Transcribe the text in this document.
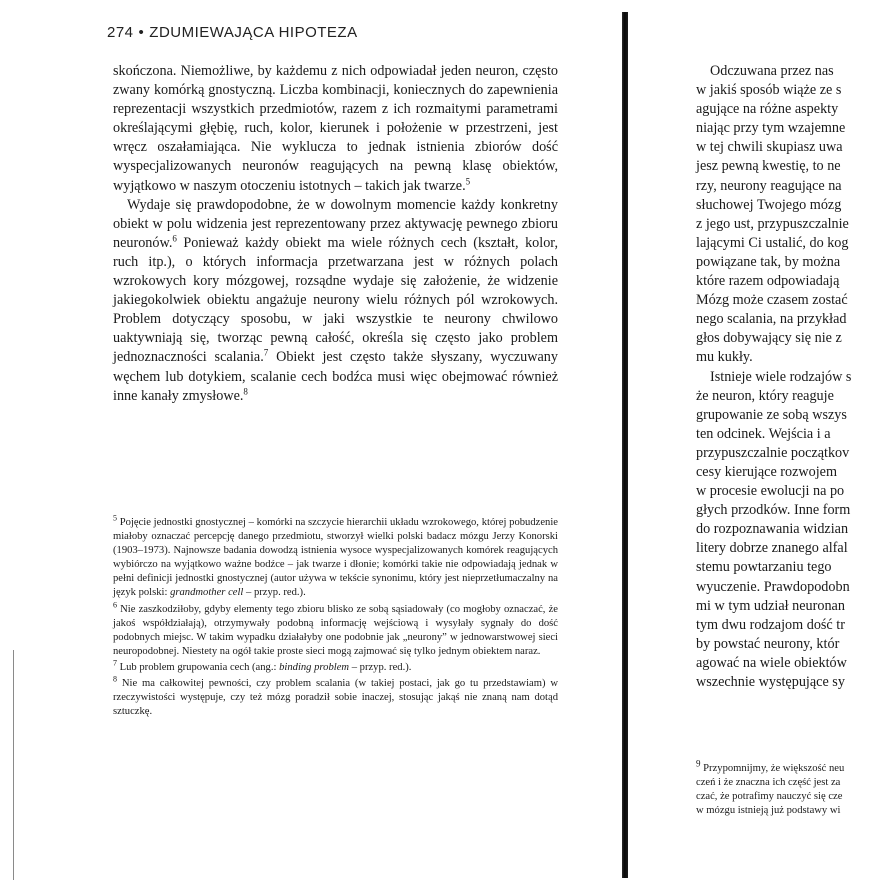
274 • ZDUMIEWAJĄCA HIPOTEZA

skończona. Niemożliwe, by każdemu z nich odpowiadał jeden neuron, często zwany komórką gnostyczną. Liczba kombinacji, koniecznych do zapewnienia reprezentacji wszystkich przedmiotów, razem z ich rozmaitymi parametrami określającymi głębię, ruch, kolor, kierunek i położenie w przestrzeni, jest wręcz oszałamiająca. Nie wyklucza to jednak istnienia zbiorów dość wyspecjalizowanych neuronów reagujących na pewną klasę obiektów, wyjątkowo w naszym otoczeniu istotnych – takich jak twarze.$^5$

Wydaje się prawdopodobne, że w dowolnym momencie każdy konkretny obiekt w polu widzenia jest reprezentowany przez aktywację pewnego zbioru neuronów.$^6$ Ponieważ każdy obiekt ma wiele różnych cech (kształt, kolor, ruch itp.), o których informacja przetwarzana jest w różnych polach wzrokowych kory mózgowej, rozsądne wydaje się założenie, że widzenie jakiegokolwiek obiektu angażuje neurony wielu różnych pól wzrokowych. Problem dotyczący sposobu, w jaki wszystkie te neurony chwilowo uaktywniają się, tworząc pewną całość, określa się często jako problem jednoznaczności scalania.$^7$ Obiekt jest często także słyszany, wyczuwany węchem lub dotykiem, scalanie cech bodźca musi więc obejmować również inne kanały zmysłowe.$^8$

$^5$ Pojęcie jednostki gnostycznej – komórki na szczycie hierarchii układu wzrokowego, której pobudzenie miałoby oznaczać percepcję danego przedmiotu, stworzył wielki polski badacz mózgu Jerzy Konorski (1903–1973). Najnowsze badania dowodzą istnienia wysoce wyspecjalizowanych komórek reagujących wybiórczo na wyjątkowo ważne bodźce – jak twarze i dłonie; komórki takie nie odpowiadają jednak w pełni definicji jednostki gnostycznej (autor używa w tekście synonimu, który jest nieprzetłumaczalny na język polski: grandmother cell – przyp. red.).

$^6$ Nie zaszkodziłoby, gdyby elementy tego zbioru blisko ze sobą sąsiadowały (co mogłoby oznaczać, że jakoś współdziałają), otrzymywały podobną informację wejściową i wysyłały sygnały do dość podobnych miejsc. W takim wypadku działałyby one podobnie jak „neurony” w jednowarstwowej sieci neuropodobnej. Niestety na ogół takie proste sieci mogą zajmować się tylko jednym obiektem naraz.

$^7$ Lub problem grupowania cech (ang.: binding problem – przyp. red.).

$^8$ Nie ma całkowitej pewności, czy problem scalania (w takiej postaci, jak go tu przedstawiam) w rzeczywistości występuje, czy też mózg poradził sobie inaczej, stosując jakąś nie znaną nam dotąd sztuczkę.

Odczuwana przez nas
w jakiś sposób wiąże ze s
agujące na różne aspekty
niając przy tym wzajemne
w tej chwili skupiasz uwa
jesz pewną kwestię, to ne
rzy, neurony reagujące na
słuchowej Twojego mózg
z jego ust, przypuszczalnie
lającymi Ci ustalić, do kog
powiązane tak, by można
które razem odpowiadają
Mózg może czasem zostać
nego scalania, na przykład
głos dobywający się nie z
mu kukły.
Istnieje wiele rodzajów s
że neuron, który reaguje
grupowanie ze sobą wszys
ten odcinek. Wejścia i a
przypuszczalnie początkov
cesy kierujące rozwojem
w procesie ewolucji na po
głych przodków. Inne form
do rozpoznawania widzian
litery dobrze znanego alfal
stemu powtarzaniu tego
wyuczenie. Prawdopodobn
mi w tym udział neuronan
tym dwu rodzajom dość tr
by powstać neurony, któr
agować na wiele obiektów
wszechnie występujące sy
$^9$ Przypomnijmy, że większość neu
czeń i że znaczna ich część jest za
czać, że potrafimy nauczyć się cze
w mózgu istnieją już podstawy wi
